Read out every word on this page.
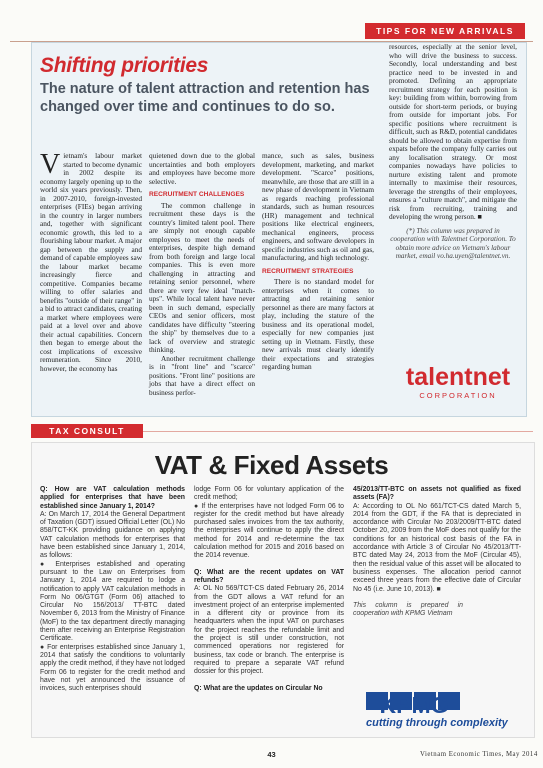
TIPS FOR NEW ARRIVALS
Shifting priorities
The nature of talent attraction and retention has changed over time and continues to do so.

Vietnam's labour market started to become dynamic in 2002 despite its economy largely opening up to the world six years previously. Then, in 2007-2010, foreign-invested enterprises (FIEs) began arriving in the country in larger numbers and, together with significant economic growth, this led to a flourishing labour market. A major gap between the supply and demand of capable employees saw the labour market became increasingly fierce and competitive. Companies became willing to offer salaries and benefits "outside of their range" in a bid to attract candidates, creating a market where employees were paid at a level over and above their actual capabilities. Concern then began to emerge about the cost implications of excessive remuneration. Since 2010, however, the economy has

quietened down due to the global uncertainties and both employers and employees have become more selective.

RECRUITMENT CHALLENGES

The common challenge in recruitment these days is the country's limited talent pool. There are simply not enough capable employees to meet the needs of enterprises, despite high demand from both foreign and large local companies. This is even more challenging in attracting and retaining senior personnel, where there are very few ideal "match-ups". While local talent have never been in such demand, especially CEOs and senior officers, most candidates have difficulty "steering the ship" by themselves due to a lack of overview and strategic thinking.

Another recruitment challenge is in "front line" and "scarce" positions. "Front line" positions are jobs that have a direct effect on business perfor-

mance, such as sales, business development, marketing, and market development. "Scarce" positions, meanwhile, are those that are still in a new phase of development in Vietnam as regards reaching professional standards, such as human resources (HR) management and technical positions like electrical engineers, mechanical engineers, process engineers, and software developers in specific industries such as oil and gas, manufacturing, and high technology.

RECRUITMENT STRATEGIES

There is no standard model for enterprises when it comes to attracting and retaining senior personnel as there are many factors at play, including the stature of the business and its operational model, especially for new companies just setting up in Vietnam. Firstly, these new arrivals must clearly identify their expectations and strategies regarding human

resources, especially at the senior level, who will drive the business to success. Secondly, local understanding and best practice need to be invested in and promoted. Defining an appropriate recruitment strategy for each position is key: building from within, borrowing from outside for short-term periods, or buying from outside for important jobs. For specific positions where recruitment is difficult, such as R&D, potential candidates should be allowed to obtain expertise from expats before the company fully carries out any localisation strategy. Or most companies nowadays have policies to nurture existing talent and promote internally to maximise their resources, leverage the strengths of their employees, ensures a "culture match", and mitigate the risk from recruiting, training and developing the wrong person. ■

(*) This column was prepared in cooperation with Talentnet Corporation. To obtain more advice on Vietnam's labour market, email vo.ha.uyen@talentnet.vn.

talentnet
CORPORATION
TAX CONSULT
VAT & Fixed Assets

Q: How are VAT calculation methods applied for enterprises that have been established since January 1, 2014?

A: On March 17, 2014 the General Department of Taxation (GDT) issued Official Letter (OL) No 858/TCT-KK providing guidance on applying VAT calculation methods for enterprises that have been established since January 1, 2014, as follows:

● Enterprises established and operating pursuant to the Law on Enterprises from January 1, 2014 are required to lodge a notification to apply VAT calculation methods in Form No 06/GTGT (Form 06) attached to Circular No 156/2013/ TT-BTC dated November 6, 2013 from the Ministry of Finance (MoF) to the tax department directly managing them after receiving an Enterprise Registration Certificate.

● For enterprises established since January 1, 2014 that satisfy the conditions to voluntarily apply the credit method, if they have not lodged Form 06 to register for the credit method and have not yet announced the issuance of invoices, such enterprises should

lodge Form 06 for voluntary application of the credit method;

● If the enterprises have not lodged Form 06 to register for the credit method but have already purchased sales invoices from the tax authority, the enterprises will continue to apply the direct method for 2014 and re-determine the tax calculation method for 2015 and 2016 based on the 2014 revenue.

Q: What are the recent updates on VAT refunds?

A: OL No 569/TCT-CS dated February 26, 2014 from the GDT allows a VAT refund for an investment project of an enterprise implemented in a different city or province from its headquarters when the input VAT on purchases for the project reaches the refundable limit and the project is still under construction, not commenced operations nor registered for business, tax code or branch. The enterprise is required to prepare a separate VAT refund dossier for this project.

Q: What are the updates on Circular No

45/2013/TT-BTC on assets not qualified as fixed assets (FA)?

A: According to OL No 661/TCT-CS dated March 5, 2014 from the GDT, if the FA that is depreciated in accordance with Circular No 203/2009/TT-BTC dated October 20, 2009 from the MoF does not qualify for the conditions for an historical cost basis of the FA in accordance with Article 3 of Circular No 45/2013/TT-BTC dated May 24, 2013 from the MoF (Circular 45), then the residual value of this asset will be allocated to business expenses. The allocation period cannot exceed three years from the effective date of Circular No 45 (i.e. June 10, 2013). ■

This column is prepared in cooperation with KPMG Vietnam

KPMG
cutting through complexity
43	Vietnam Economic Times, May 2014
